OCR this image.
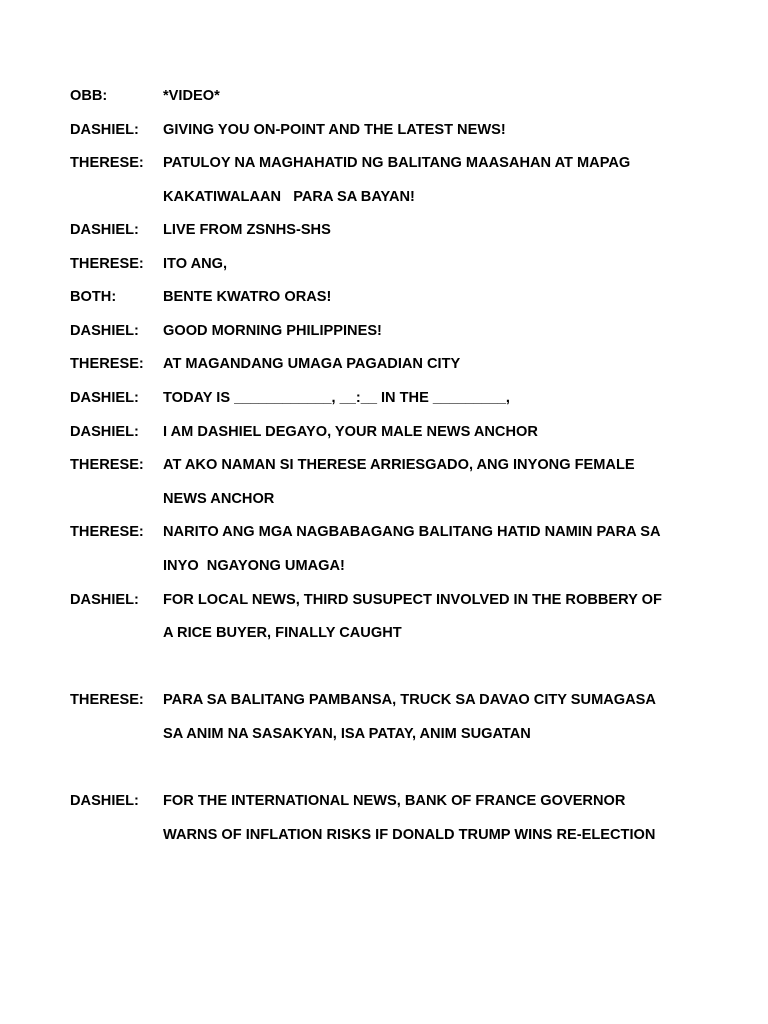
OBB:

	*VIDEO*

DASHIEL:

GIVING YOU ON-POINT AND THE LATEST NEWS!

THERESE:

PATULOY NA MAGHAHATID NG BALITANG MAASAHAN AT MAPAG

KAKATIWALAAN   PARA SA BAYAN!

DASHIEL:

LIVE FROM ZSNHS-SHS

THERESE:

ITO ANG,

BOTH:

	BENTE KWATRO ORAS!

DASHIEL:

GOOD MORNING PHILIPPINES!

THERESE:

AT MAGANDANG UMAGA PAGADIAN CITY

DASHIEL:

TODAY IS ____________, __:__ IN THE _________,

DASHIEL:

I AM DASHIEL DEGAYO, YOUR MALE NEWS ANCHOR

THERESE:

AT AKO NAMAN SI THERESE ARRIESGADO, ANG INYONG FEMALE

NEWS ANCHOR

THERESE:

NARITO ANG MGA NAGBABAGANG BALITANG HATID NAMIN PARA SA

INYO  NGAYONG UMAGA!

DASHIEL:

FOR LOCAL NEWS, THIRD SUSUPECT INVOLVED IN THE ROBBERY OF

A RICE BUYER, FINALLY CAUGHT

THERESE:

PARA SA BALITANG PAMBANSA, TRUCK SA DAVAO CITY SUMAGASA

SA ANIM NA SASAKYAN, ISA PATAY, ANIM SUGATAN

DASHIEL:

FOR THE INTERNATIONAL NEWS, BANK OF FRANCE GOVERNOR

WARNS OF INFLATION RISKS IF DONALD TRUMP WINS RE-ELECTION
